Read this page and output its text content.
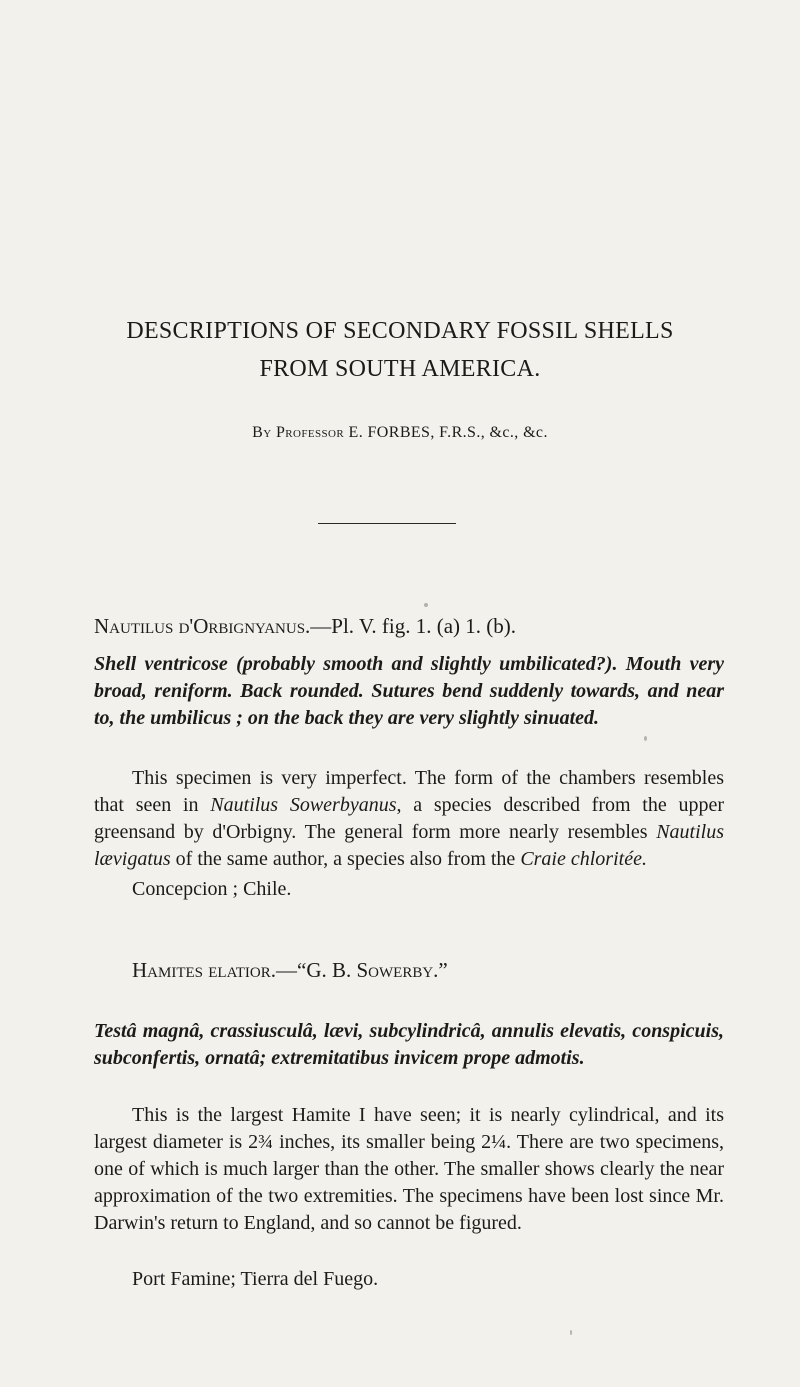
DESCRIPTIONS OF SECONDARY FOSSIL SHELLS
FROM SOUTH AMERICA.
By Professor E. FORBES, F.R.S., &c., &c.

Nautilus d'Orbignyanus.—Pl. V. fig. 1. (a) 1. (b).

Shell ventricose (probably smooth and slightly umbilicated?). Mouth very broad, reniform. Back rounded. Sutures bend suddenly towards, and near to, the umbilicus ; on the back they are very slightly sinuated.

This specimen is very imperfect. The form of the chambers resembles that seen in Nautilus Sowerbyanus, a species described from the upper greensand by d'Orbigny. The general form more nearly resembles Nautilus lævigatus of the same author, a species also from the Craie chloritée.

Concepcion ; Chile.

Hamites elatior.—“G. B. Sowerby.”

Testâ magnâ, crassiusculâ, lævi, subcylindricâ, annulis elevatis, conspicuis, subconfertis, ornatâ; extremitatibus invicem prope admotis.

This is the largest Hamite I have seen; it is nearly cylindrical, and its largest diameter is 2¾ inches, its smaller being 2¼. There are two specimens, one of which is much larger than the other. The smaller shows clearly the near approximation of the two extremities. The specimens have been lost since Mr. Darwin's return to England, and so cannot be figured.

Port Famine; Tierra del Fuego.
